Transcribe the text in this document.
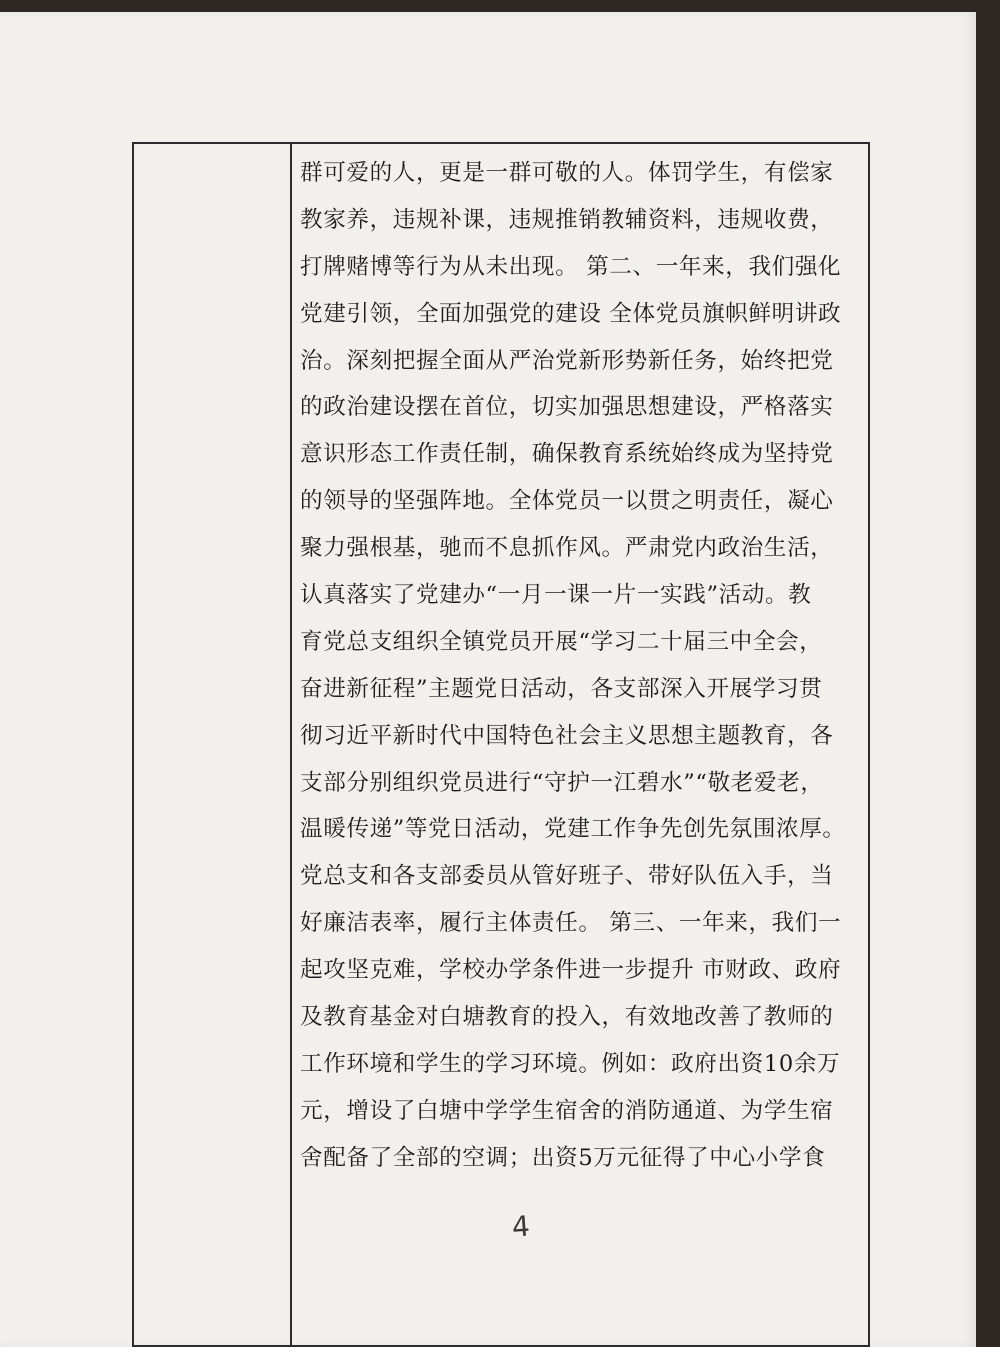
群可爱的人，更是一群可敬的人。体罚学生，有偿家
教家养，违规补课，违规推销教辅资料，违规收费，
打牌赌博等行为从未出现。 第二、一年来，我们强化
党建引领，全面加强党的建设 全体党员旗帜鲜明讲政
治。深刻把握全面从严治党新形势新任务，始终把党
的政治建设摆在首位，切实加强思想建设，严格落实
意识形态工作责任制，确保教育系统始终成为坚持党
的领导的坚强阵地。全体党员一以贯之明责任，凝心
聚力强根基，驰而不息抓作风。严肃党内政治生活，
认真落实了党建办“一月一课一片一实践”活动。教
育党总支组织全镇党员开展“学习二十届三中全会，
奋进新征程”主题党日活动，各支部深入开展学习贯
彻习近平新时代中国特色社会主义思想主题教育，各
支部分别组织党员进行“守护一江碧水”“敬老爱老，
温暖传递”等党日活动，党建工作争先创先氛围浓厚。
党总支和各支部委员从管好班子、带好队伍入手，当
好廉洁表率，履行主体责任。 第三、一年来，我们一
起攻坚克难，学校办学条件进一步提升 市财政、政府
及教育基金对白塘教育的投入，有效地改善了教师的
工作环境和学生的学习环境。例如：政府出资10余万
元，增设了白塘中学学生宿舍的消防通道、为学生宿
舍配备了全部的空调；出资5万元征得了中心小学食
4
